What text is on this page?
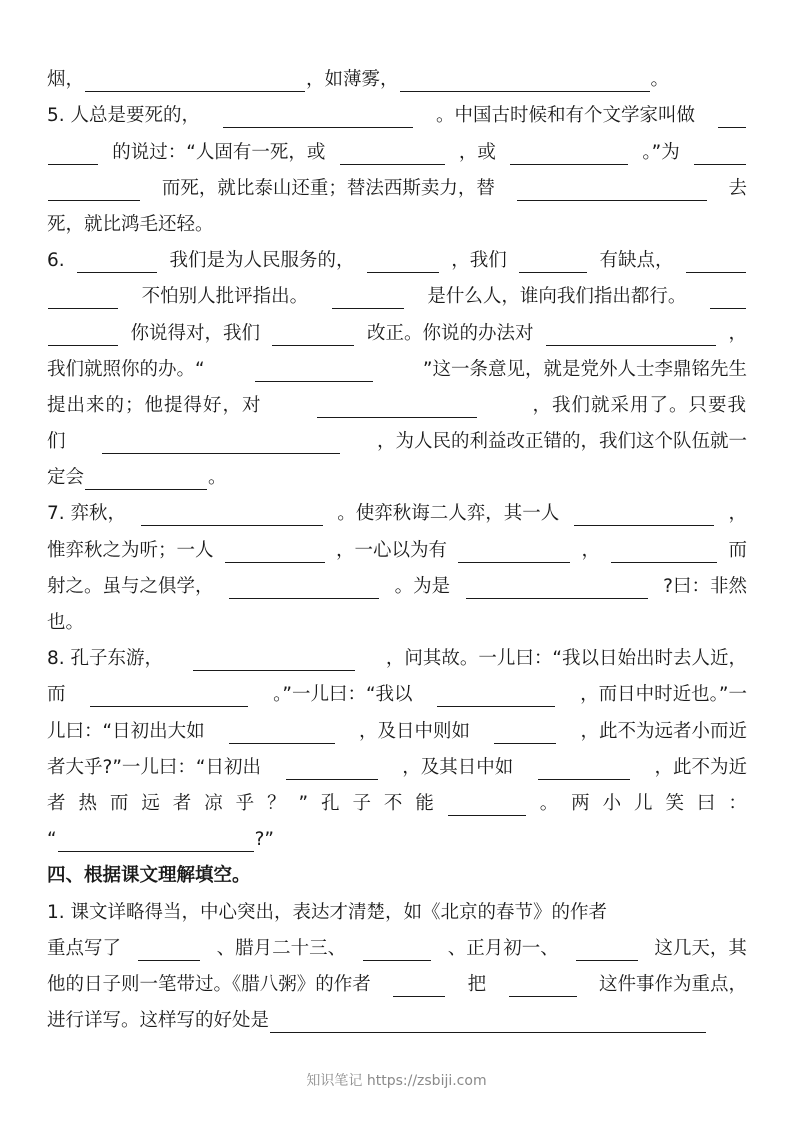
烟，	，如薄雾，	。
5. 人总是要死的，	。中国古时候和有个文学家叫做
的说过：“人固有一死，或	，或	。”为
而死，就比泰山还重；替法西斯卖力，替	去
死，就比鸿毛还轻。
6.	我们是为人民服务的，	，我们	有缺点，
不怕别人批评指出。	是什么人，谁向我们指出都行。
你说得对，我们	改正。你说的办法对	，
我们就照你的办。“	”这一条意见，就是党外人士李鼎铭先生
提出来的；他提得好，对	，我们就采用了。只要我
们	，为人民的利益改正错的，我们这个队伍就一
定会	。
7. 弈秋，	。使弈秋诲二人弈，其一人	，
惟弈秋之为听；一人	，一心以为有	，	而
射之。虽与之俱学，	。为是	?曰：非然
也。
8. 孔子东游，	，问其故。一儿曰：“我以日始出时去人近，
而	。”一儿曰：“我以	，而日中时近也。”一
儿曰：“日初出大如	，及日中则如	，此不为远者小而近
者大乎?”一儿曰：“日初出	，及其日中如	，此不为近
者 热 而 远 者 凉 乎 ？ ” 孔 子 不 能	。 两 小 儿 笑 曰 ：
“	?”
四、根据课文理解填空。
1. 课文详略得当，中心突出，表达才清楚，如《北京的春节》的作者
重点写了	、腊月二十三、	、正月初一、	这几天，其
他的日子则一笔带过。《腊八粥》的作者	把	这件事作为重点，
进行详写。这样写的好处是
知识笔记 https://zsbiji.com
